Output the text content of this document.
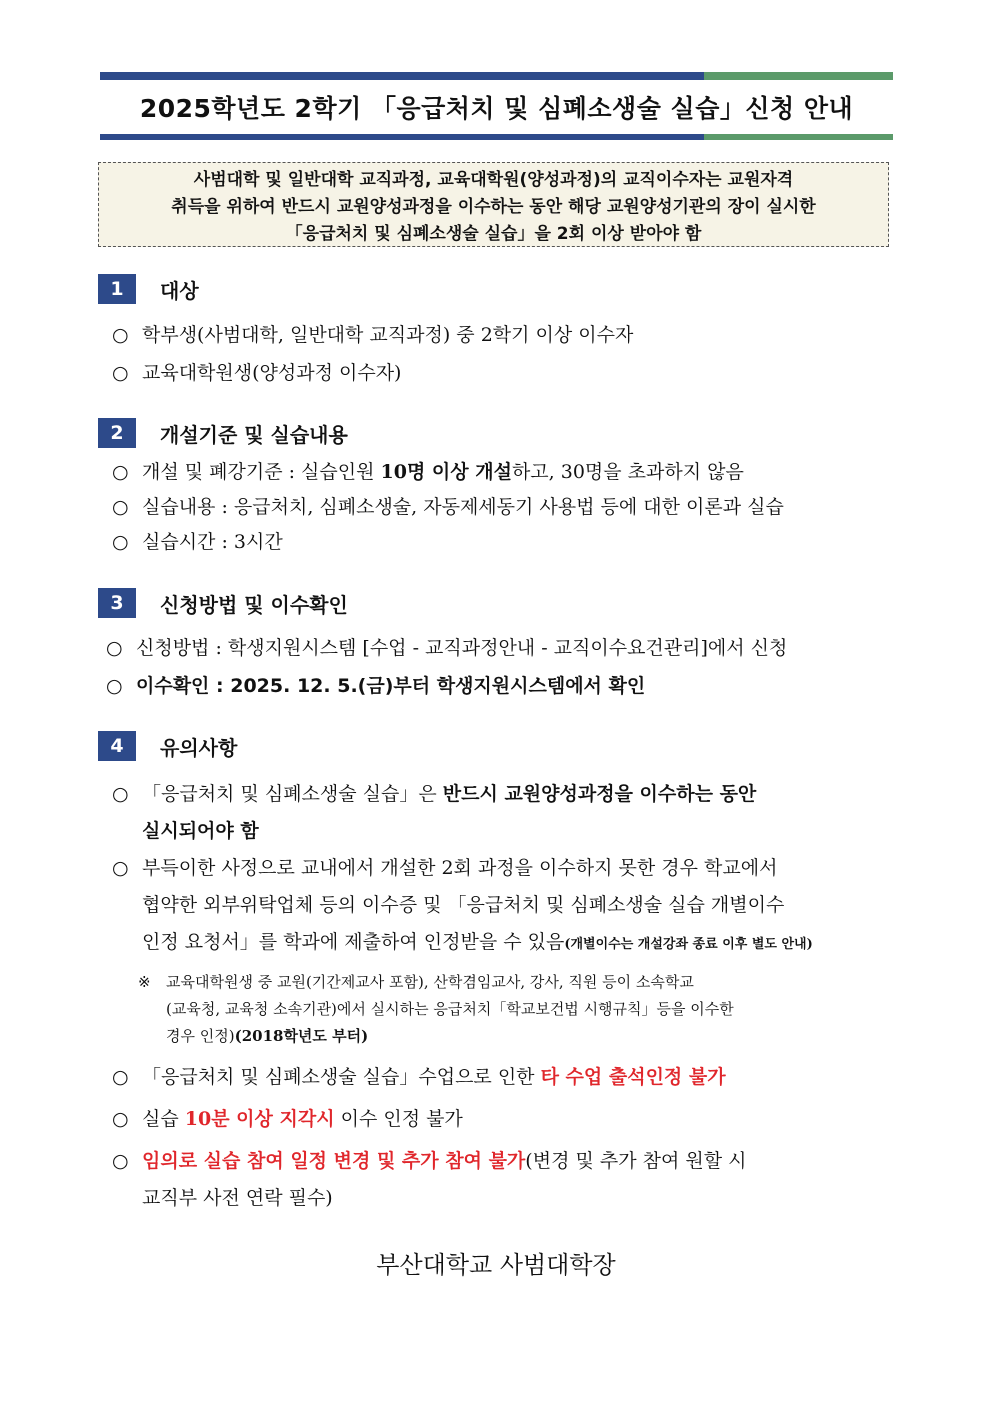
2025학년도 2학기 「응급처치 및 심폐소생술 실습」신청 안내
사범대학 및 일반대학 교직과정, 교육대학원(양성과정)의 교직이수자는 교원자격
취득을 위하여 반드시 교원양성과정을 이수하는 동안 해당 교원양성기관의 장이 실시한
「응급처치 및 심폐소생술 실습」을 2회 이상 받아야 함
1	대상
○ 학부생(사범대학, 일반대학 교직과정) 중 2학기 이상 이수자
○ 교육대학원생(양성과정 이수자)
2	개설기준 및 실습내용
○ 개설 및 폐강기준 : 실습인원 10명 이상 개설하고, 30명을 초과하지 않음
○ 실습내용 : 응급처치, 심폐소생술, 자동제세동기 사용법 등에 대한 이론과 실습
○ 실습시간 : 3시간
3	신청방법 및 이수확인
○ 신청방법 : 학생지원시스템 [수업 - 교직과정안내 - 교직이수요건관리]에서 신청
○ 이수확인 : 2025. 12. 5.(금)부터 학생지원시스템에서 확인
4	유의사항
○ 「응급처치 및 심폐소생술 실습」은 반드시 교원양성과정을 이수하는 동안
실시되어야 함
○ 부득이한 사정으로 교내에서 개설한 2회 과정을 이수하지 못한 경우 학교에서
협약한 외부위탁업체 등의 이수증 및 「응급처치 및 심폐소생술 실습 개별이수
인정 요청서」를 학과에 제출하여 인정받을 수 있음(개별이수는 개설강좌 종료 이후 별도 안내)
※ 교육대학원생 중 교원(기간제교사 포함), 산학겸임교사, 강사, 직원 등이 소속학교
(교육청, 교육청 소속기관)에서 실시하는 응급처치「학교보건법 시행규칙」등을 이수한
경우 인정)(2018학년도 부터)
○ 「응급처치 및 심폐소생술 실습」수업으로 인한 타 수업 출석인정 불가
○ 실습 10분 이상 지각시 이수 인정 불가
○ 임의로 실습 참여 일정 변경 및 추가 참여 불가(변경 및 추가 참여 원할 시
교직부 사전 연락 필수)
부산대학교 사범대학장
